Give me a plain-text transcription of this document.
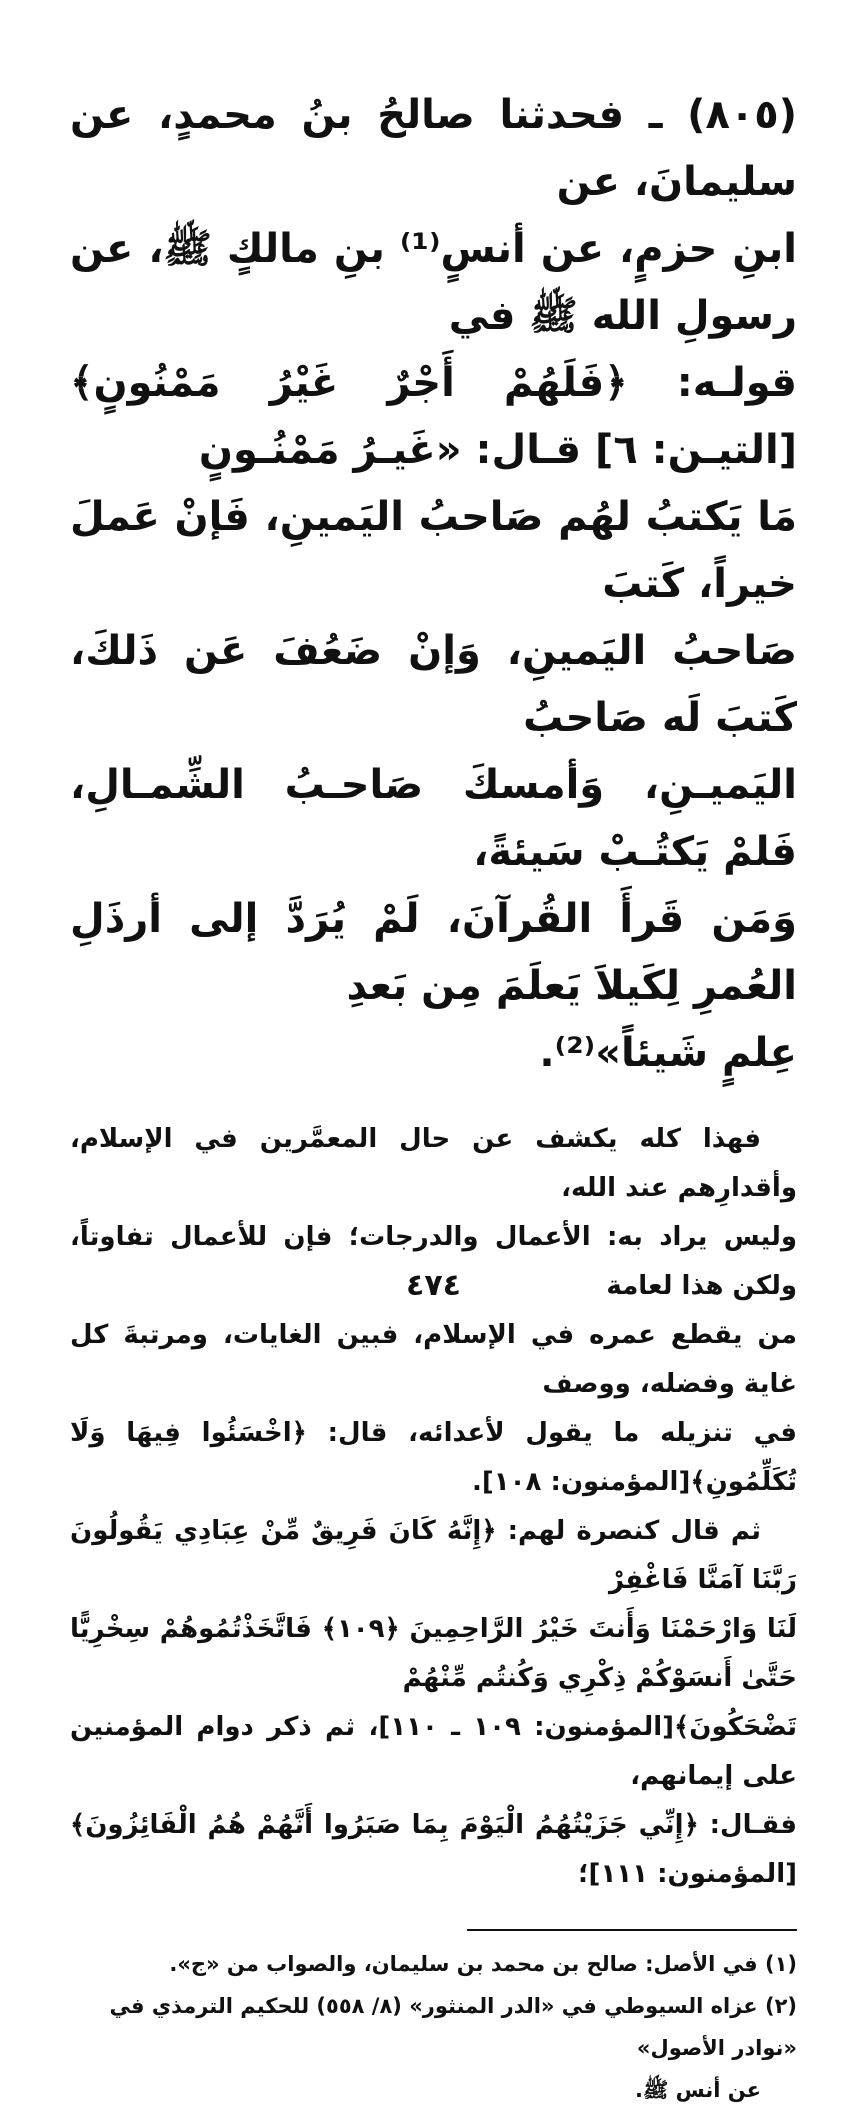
(٨٠٥) ـ فحدثنا صالحُ بنُ محمدٍ، عن سليمانَ، عن

ابنِ حزمٍ، عن أنسٍ⁽¹⁾ بنِ مالكٍ ﷺ، عن رسولِ الله ﷺ في

قولـه: ﴿فَلَهُمْ أَجْرٌ غَيْرُ مَمْنُونٍ﴾[التيـن: ٦] قـال: «غَيـرُ مَمْنُـونٍ

مَا يَكتبُ لهُم صَاحبُ اليَمينِ، فَإنْ عَملَ خيراً، كَتبَ

صَاحبُ اليَمينِ، وَإنْ ضَعُفَ عَن ذَلكَ، كَتبَ لَه صَاحبُ

اليَميـنِ، وَأمسكَ صَاحـبُ الشِّمـالِ، فَلمْ يَكتُـبْ سَيئةً،

وَمَن قَرأَ القُرآنَ، لَمْ يُرَدَّ إلى أرذَلِ العُمرِ لِكَيلاَ يَعلَمَ مِن بَعدِ

عِلمٍ شَيئاً»⁽²⁾.

فهذا كله يكشف عن حال المعمَّرين في الإسلام، وأقدارِهم عند الله،

وليس يراد به: الأعمال والدرجات؛ فإن للأعمال تفاوتاً، ولكن هذا لعامة

من يقطع عمره في الإسلام، فبين الغايات، ومرتبةَ كل غاية وفضله، ووصف

في تنزيله ما يقول لأعدائه، قال: ﴿اخْسَئُوا فِيهَا وَلَا تُكَلِّمُونِ﴾[المؤمنون: ١٠٨].

ثم قال كنصرة لهم: ﴿إِنَّهُ كَانَ فَرِيقٌ مِّنْ عِبَادِي يَقُولُونَ رَبَّنَا آمَنَّا فَاغْفِرْ

لَنَا وَارْحَمْنَا وَأَنتَ خَيْرُ الرَّاحِمِينَ ﴿١٠٩﴾ فَاتَّخَذْتُمُوهُمْ سِخْرِيًّا حَتَّىٰ أَنسَوْكُمْ ذِكْرِي وَكُنتُم مِّنْهُمْ

تَضْحَكُونَ﴾[المؤمنون: ١٠٩ ـ ١١٠]، ثم ذكر دوام المؤمنين على إيمانهم،

فقـال: ﴿إِنِّي جَزَيْتُهُمُ الْيَوْمَ بِمَا صَبَرُوا أَنَّهُمْ هُمُ الْفَائِزُونَ﴾[المؤمنون: ١١١]؛

(١) في الأصل: صالح بن محمد بن سليمان، والصواب من «ج».

(٢) عزاه السيوطي في «الدر المنثور» (٨/ ٥٥٨) للحكيم الترمذي في «نوادر الأصول»

عن أنس ﷺ.

٤٧٤
